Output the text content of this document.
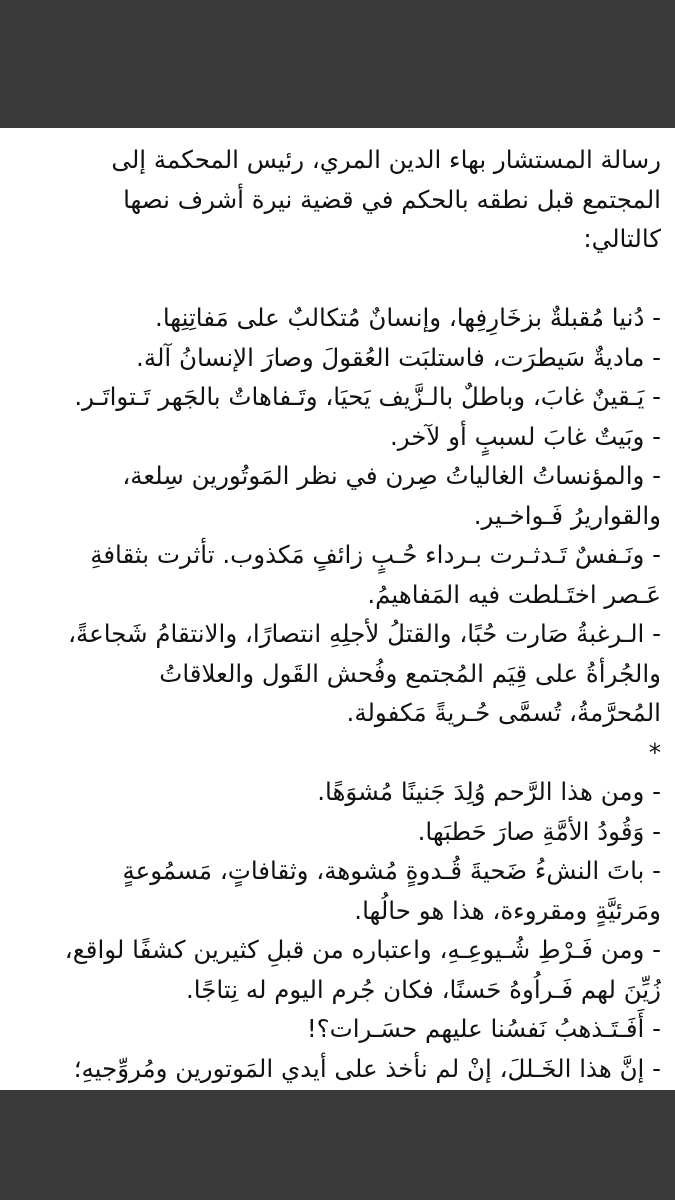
رسالة المستشار بهاء الدين المري، رئيس المحكمة إلى
المجتمع قبل نطقه بالحكم في قضية نيرة أشرف نصها
كالتالي:
- دُنيا مُقبلةٌ بزخَارِفِها، وإنسانٌ مُتكالبٌ على مَفاتِنِها.
- ماديةٌ سَيطرَت، فاستلبَت العُقولَ وصارَ الإنسانُ آلة.
- يَـقينٌ غابَ، وباطلٌ بالـزَّيف يَحيَا، وتَـفاهاتٌ بالجَهر تَـتواتَـر.
- وبَيتٌ غابَ لسببٍ أو لآخر.
- والمؤنساتُ الغالياتُ صِرن في نظر المَوتُورين سِلعة،
والقواريرُ فَـواخـير.
- ونَـفسٌ تَـدثـرت بـرداء حُـبٍ زائفٍ مَكذوب. تأثرت بثقافةِ
عَـصر اختَـلطت فيه المَفاهيمُ.
- الـرغبةُ صَارت حُبًا، والقتلُ لأجلِهِ انتصارًا، والانتقامُ شَجاعةً،
والجُرأةُ على قِيَم المُجتمع وفُحش القَول والعلاقاتُ
المُحرَّمةُ، تُسمَّى حُـريةً مَكفولة.
*
- ومن هذا الرَّحم وُلِدَ جَنينًا مُشوَهًا.
- وَقُودُ الأمَّةِ صارَ حَطبَها.
- باتَ النشءُ ضَحيةَ قُـدوةٍ مُشوهة، وثقافاتٍ، مَسمُوعةٍ
ومَرئيَّةٍ ومقروءة، هذا هو حالُها.
- ومن فَـرْطِ شُـيوعِـهِ، واعتباره من قبلِ كثيرين كشفًا لواقع،
زُيِّنَ لهم فَـراُوهُ حَسنًا، فكان جُرم اليوم له نِتاجًا.
- أَفَـتَـذهبُ نَفسُنا عليهم حسَـرات؟!
- إنَّ هذا الخَـللَ، إنْ لم نأخذ على أيدي المَوتورين ومُروِّجيهِ؛
